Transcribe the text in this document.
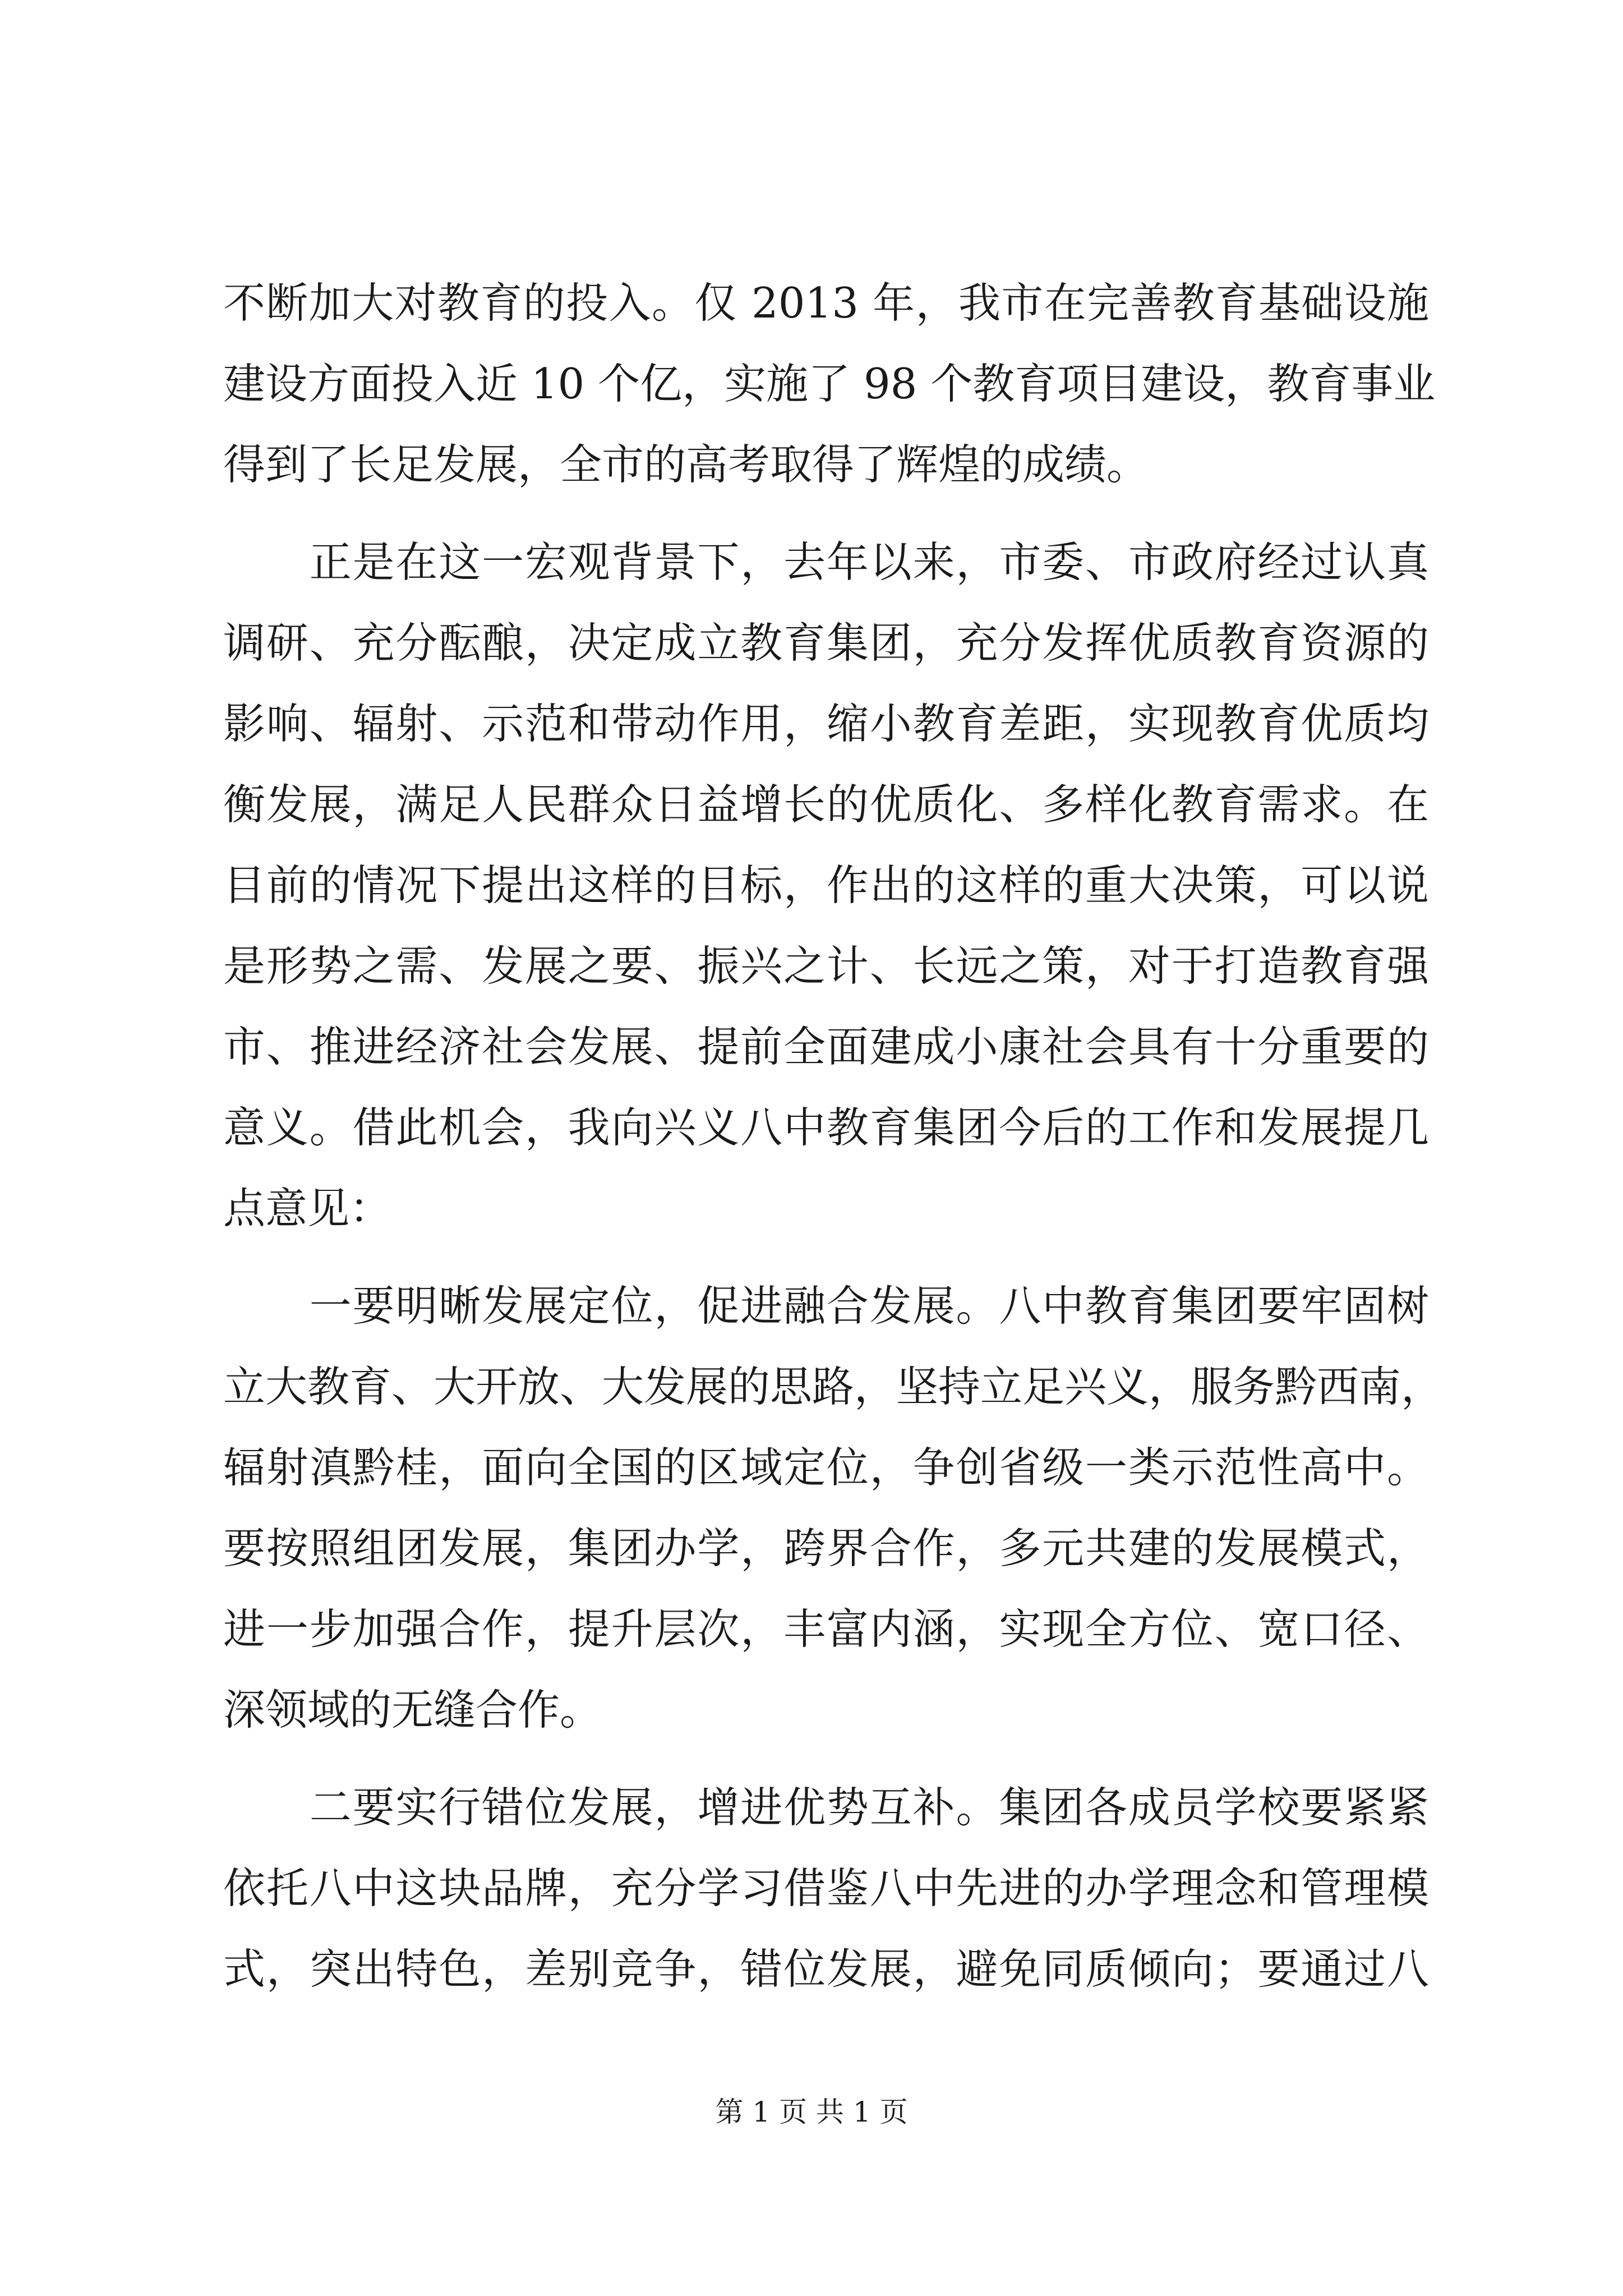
不断加大对教育的投入。仅 2013 年，我市在完善教育基础设施
建设方面投入近 10 个亿，实施了 98 个教育项目建设，教育事业
得到了长足发展，全市的高考取得了辉煌的成绩。
　　正是在这一宏观背景下，去年以来，市委、市政府经过认真
调研、充分酝酿，决定成立教育集团，充分发挥优质教育资源的
影响、辐射、示范和带动作用，缩小教育差距，实现教育优质均
衡发展，满足人民群众日益增长的优质化、多样化教育需求。在
目前的情况下提出这样的目标，作出的这样的重大决策，可以说
是形势之需、发展之要、振兴之计、长远之策，对于打造教育强
市、推进经济社会发展、提前全面建成小康社会具有十分重要的
意义。借此机会，我向兴义八中教育集团今后的工作和发展提几
点意见：
　　一要明晰发展定位，促进融合发展。八中教育集团要牢固树
立大教育、大开放、大发展的思路，坚持立足兴义，服务黔西南，
辐射滇黔桂，面向全国的区域定位，争创省级一类示范性高中。
要按照组团发展，集团办学，跨界合作，多元共建的发展模式，
进一步加强合作，提升层次，丰富内涵，实现全方位、宽口径、
深领域的无缝合作。
　　二要实行错位发展，增进优势互补。集团各成员学校要紧紧
依托八中这块品牌，充分学习借鉴八中先进的办学理念和管理模
式，突出特色，差别竞争，错位发展，避免同质倾向；要通过八
第 1 页 共 1 页
